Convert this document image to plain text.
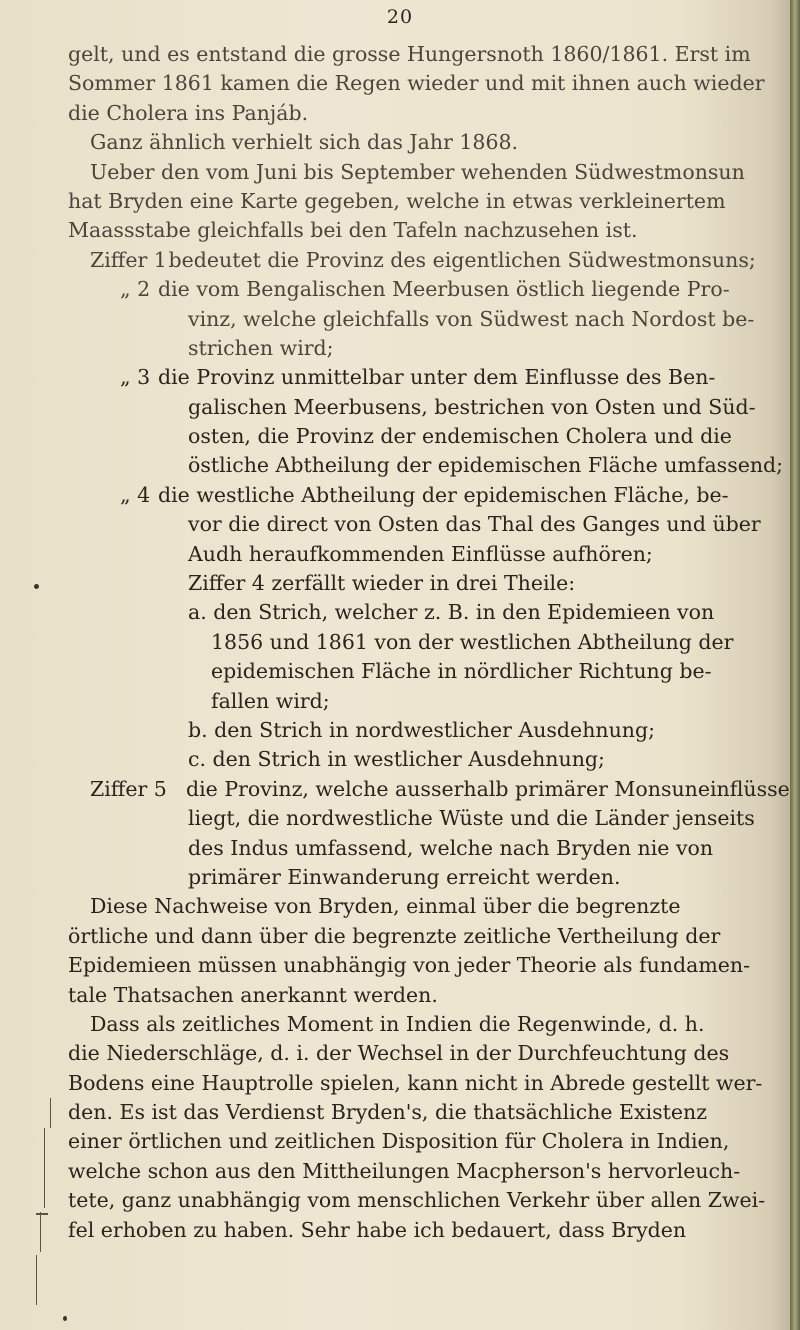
20
gelt, und es entstand die grosse Hungersnoth 1860/1861. Erst im
Sommer 1861 kamen die Regen wieder und mit ihnen auch wieder
die Cholera ins Panjáb.
Ganz ähnlich verhielt sich das Jahr 1868.
Ueber den vom Juni bis September wehenden Südwestmonsun
hat Bryden eine Karte gegeben, welche in etwas verkleinertem
Maassstabe gleichfalls bei den Tafeln nachzusehen ist.
Ziffer 1 bedeutet die Provinz des eigentlichen Südwestmonsuns;
„ 2 die vom Bengalischen Meerbusen östlich liegende Pro-
vinz, welche gleichfalls von Südwest nach Nordost be-
strichen wird;
„ 3 die Provinz unmittelbar unter dem Einflusse des Ben-
galischen Meerbusens, bestrichen von Osten und Süd-
osten, die Provinz der endemischen Cholera und die
östliche Abtheilung der epidemischen Fläche umfassend;
„ 4 die westliche Abtheilung der epidemischen Fläche, be-
vor die direct von Osten das Thal des Ganges und über
Audh heraufkommenden Einflüsse aufhören;
Ziffer 4 zerfällt wieder in drei Theile:
a. den Strich, welcher z. B. in den Epidemieen von
1856 und 1861 von der westlichen Abtheilung der
epidemischen Fläche in nördlicher Richtung be-
fallen wird;
b. den Strich in nordwestlicher Ausdehnung;
c. den Strich in westlicher Ausdehnung;
Ziffer 5 die Provinz, welche ausserhalb primärer Monsuneinflüsse
liegt, die nordwestliche Wüste und die Länder jenseits
des Indus umfassend, welche nach Bryden nie von
primärer Einwanderung erreicht werden.
Diese Nachweise von Bryden, einmal über die begrenzte
örtliche und dann über die begrenzte zeitliche Vertheilung der
Epidemieen müssen unabhängig von jeder Theorie als fundamen-
tale Thatsachen anerkannt werden.
Dass als zeitliches Moment in Indien die Regenwinde, d. h.
die Niederschläge, d. i. der Wechsel in der Durchfeuchtung des
Bodens eine Hauptrolle spielen, kann nicht in Abrede gestellt wer-
den. Es ist das Verdienst Bryden's, die thatsächliche Existenz
einer örtlichen und zeitlichen Disposition für Cholera in Indien,
welche schon aus den Mittheilungen Macpherson's hervorleuch-
tete, ganz unabhängig vom menschlichen Verkehr über allen Zwei-
fel erhoben zu haben. Sehr habe ich bedauert, dass Bryden
